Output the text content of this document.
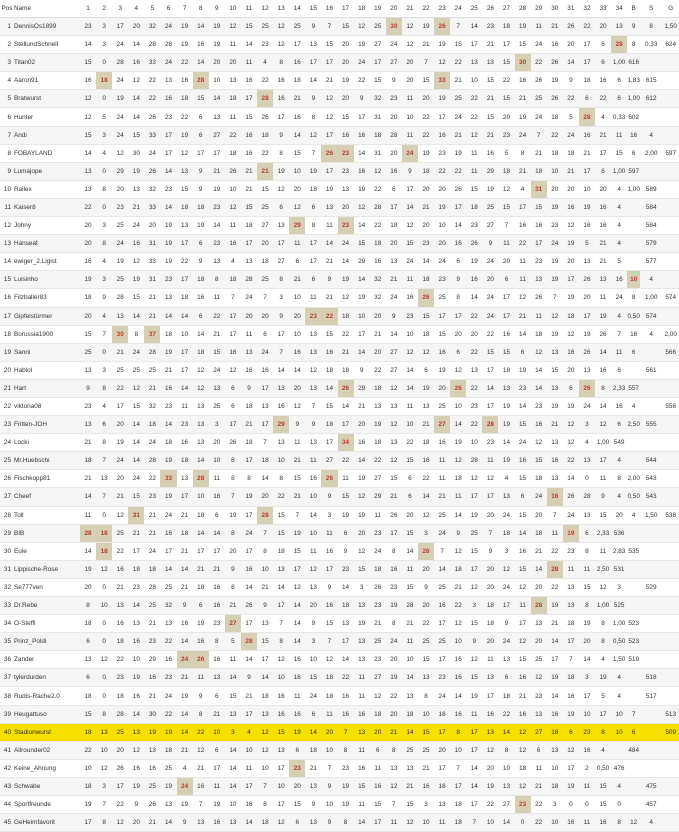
Pos	Name	1	2	3	4	5	6	7	8	9	10	11	12	13	14	15	16	17	18	19	20	21	22	23	24	25	26	27	28	29	30	31	32	33	34	B	S	G
1	DennisOs1899	23	3	17	20	32	24	19	14	19	12	15	25	12	25	9	7	15	12	25	30	12	19	26	7	14	23	18	19	11	21	26	22	20	13	9	8	1,50
2	StellundSchnell	14	3	24	14	28	28	19	16	19	11	14	23	12	17	13	15	20	19	27	24	12	21	19	15	17	21	17	15	24	16	20	17	6	28	8	0,33	624
3	Titan02	15	0	28	16	33	24	22	14	20	20	11	4	8	16	17	17	20	24	17	27	20	7	12	22	13	13	15	30	22	26	14	17	6	1,00	616		
4	Aaron91	16	18	24	12	22	13	16	28	10	13	16	22	16	18	14	21	19	22	15	9	20	15	33	21	10	15	22	16	26	19	9	18	16	6	1,83	615	
5	Bratwurst	12	0	19	14	22	16	18	15	14	18	17	28	16	21	9	12	20	9	32	23	11	20	19	25	22	21	15	21	25	26	22	6	22	6	1,00	612	
6	Hunter	12	5	24	14	26	23	22	6	13	11	15	26	17	16	8	12	15	17	31	20	10	22	17	24	22	15	20	19	24	18	5	28	4	0,33	602		
7	Andi	15	3	24	15	33	17	19	6	27	22	16	18	9	14	12	17	16	16	18	28	11	22	16	21	12	21	23	24	7	22	24	16	21	11	16	4	
8	FOBAYLAND	14	4	12	30	24	17	12	17	17	18	16	22	8	15	7	26	23	14	31	20	24	19	23	19	11	16	5	8	21	18	18	21	17	15	6	2,00	597
9	Lumajope	13	0	29	19	26	14	13	9	21	26	21	21	19	10	19	17	23	16	12	16	9	18	22	22	11	29	18	21	18	10	21	17	6	1,00	597		
10	Railex	13	8	20	13	32	23	15	9	19	10	21	15	12	20	18	19	13	19	22	6	17	20	20	26	15	19	12	4	31	20	20	10	20	4	1,00	589	
11	Kaiser8	22	0	23	21	33	14	18	18	23	12	15	25	6	12	6	13	20	12	28	17	14	21	19	17	18	25	15	17	15	19	16	19	16	4		584	
12	Johny	20	3	25	24	20	19	13	19	14	11	18	27	13	29	8	11	23	14	22	18	12	20	10	14	23	27	7	16	16	23	12	16	16	4		584	
13	Hanseat	20	8	24	16	31	19	17	6	23	16	17	20	17	11	17	14	24	15	18	20	15	23	20	16	26	9	11	22	17	24	19	5	21	4		579	
14	ewiger_2.Ligist	16	4	19	12	33	19	22	9	13	4	13	18	27	6	17	21	14	29	16	13	24	14	24	6	19	24	20	11	23	19	20	13	21	5		577	
15	Luisinho	19	3	25	19	31	23	17	18	8	18	28	25	8	21	6	9	19	14	32	21	11	18	23	9	16	20	6	11	13	19	17	26	13	16	10	4	
16	Filzballer83	18	9	28	15	21	13	18	16	11	7	24	7	3	10	11	21	12	19	32	24	16	26	25	8	14	24	17	12	26	7	19	20	11	24	8	1,00	574
17	Gipfelstürmer	20	4	13	14	21	14	14	6	22	17	20	20	9	20	23	22	18	10	20	9	23	15	17	17	22	24	17	21	11	12	18	17	19	4	0,50	574	
18	Borussia1900	15	7	30	8	37	18	10	14	21	17	11	6	17	10	13	15	22	17	21	14	10	18	15	20	20	22	16	14	18	19	12	19	26	7	16	4	2,00
19	Sanni	25	0	21	24	28	19	17	18	15	16	13	24	7	16	13	16	21	14	20	27	12	12	16	6	22	15	15	6	12	13	16	26	14	11	6		566
20	Hablol	13	3	25	25	25	21	17	12	24	12	16	16	14	14	12	18	18	9	22	27	14	6	19	12	13	17	18	19	14	15	20	13	16	6		561	
21	Hart	9	8	22	12	21	16	14	12	13	6	9	17	13	20	13	14	26	29	18	12	14	19	20	26	22	14	13	23	14	13	6	26	8	2,33	557		
22	viktoria08	23	4	17	15	32	23	11	13	25	6	18	13	16	12	7	15	14	21	13	13	11	13	25	10	23	17	19	14	23	19	19	24	14	16	4		556
23	Fritten-JOH	13	6	20	14	18	14	23	13	3	17	21	17	29	9	9	18	17	20	19	12	10	21	27	14	22	28	19	15	16	21	12	3	12	6	2,50	555	
24	Locki	21	8	19	14	24	18	16	13	20	26	18	7	13	11	13	17	34	16	18	13	22	18	16	19	10	23	14	24	12	13	12	4	1,00	549			
25	Mr.Huebschi	18	7	24	14	28	19	18	14	10	8	17	18	10	21	11	27	22	14	22	12	15	16	11	12	28	11	19	16	15	16	22	13	17	4		544	
26	Fischkopp81	21	13	20	24	22	33	13	28	11	8	8	14	8	15	16	26	11	19	27	15	6	22	11	18	12	12	4	15	18	13	14	0	11	8	2,00	543	
27	Cheef	14	7	21	15	23	19	17	10	16	7	19	20	22	21	10	9	15	12	29	21	6	14	21	11	17	17	13	6	24	16	26	28	9	4	0,50	543	
28	Toll	11	0	12	31	21	24	21	18	6	19	17	28	15	7	14	3	19	19	11	26	20	12	25	14	19	20	24	15	20	7	24	13	15	20	4	1,50	538
29	BIB	28	18	25	21	21	16	18	14	14	8	24	7	15	19	10	11	6	20	23	17	15	3	24	9	25	7	18	14	18	11	19	6	2,33	536			
30	Eule	14	18	22	17	24	17	21	17	17	20	17	8	18	15	11	16	9	12	24	8	14	26	7	12	15	9	3	16	21	22	23	8	11	2,83	535		
31	Lippische-Rose	19	12	16	18	18	14	14	21	21	9	16	10	13	17	12	17	23	15	18	16	11	20	14	18	17	20	12	15	14	28	11	11	2,50	531			
32	Se777ven	20	0	21	23	28	25	21	18	16	8	14	21	14	12	13	9	14	3	26	23	15	9	25	21	12	20	24	12	20	22	13	15	12	3		529	
33	Dr.Rebe	8	10	13	14	25	32	9	6	16	21	26	9	17	14	20	16	18	13	23	19	28	20	16	22	3	18	17	11	28	19	13	8	1,00	525			
34	O-Steffi	18	0	16	13	21	13	16	19	23	27	17	13	7	14	9	15	13	19	21	8	21	22	17	12	15	18	9	17	13	21	18	19	8	1,00	523		
35	Prinz_Poldi	6	0	18	16	23	22	14	16	8	5	28	15	8	14	3	7	17	13	25	24	11	25	25	10	9	20	24	12	20	14	17	20	8	0,50	523		
36	Zander	13	12	22	10	29	16	24	26	16	11	14	17	12	16	10	12	14	13	23	20	10	15	17	16	12	11	13	15	25	17	7	14	4	1,50	519		
37	tylerdurden	6	0	23	19	16	23	21	11	13	14	9	14	10	16	15	18	22	11	27	19	14	13	23	16	15	13	6	16	12	19	18	3	19	4		518	
38	Rudis-Rache2.0	18	0	18	16	21	24	19	9	6	15	21	18	16	11	24	18	16	11	12	22	13	8	24	14	19	17	18	21	23	14	16	17	5	4		517	
39	Heugattuso	15	8	28	14	30	22	14	8	21	13	17	13	16	16	6	11	16	16	18	20	18	10	18	16	11	16	22	16	13	16	19	10	17	10	7		513
40	Stadionwurst	18	13	25	13	19	19	14	22	10	3	4	12	15	19	14	20	7	13	20	21	14	15	17	8	17	13	14	12	27	18	6	23	8	10	6		509
41	Allrounder02	22	10	20	12	13	18	21	12	6	14	10	12	13	6	18	10	8	11	6	8	25	25	20	10	17	12	8	12	6	13	12	16	4		484		
42	Keine_Ahnung	10	12	26	16	16	25	4	21	17	14	11	10	17	23	21	7	23	16	11	13	13	21	17	7	14	20	10	18	11	10	17	2	0,50	476			
43	Schwabe	18	3	17	19	25	19	24	16	11	14	17	7	10	20	13	9	19	15	16	12	21	16	18	17	14	19	13	12	21	18	19	11	15	4		475	
44	Sportfreunde	19	7	22	9	26	13	19	7	19	10	16	8	17	15	9	10	19	11	15	7	15	3	13	18	17	22	27	23	22	3	0	0	15	0		457	
45	GeHeimfavorit	17	8	12	20	21	14	9	13	16	13	14	18	12	6	13	9	8	14	17	11	12	10	11	18	7	10	14	0	22	10	16	11	16	8	12	4	
